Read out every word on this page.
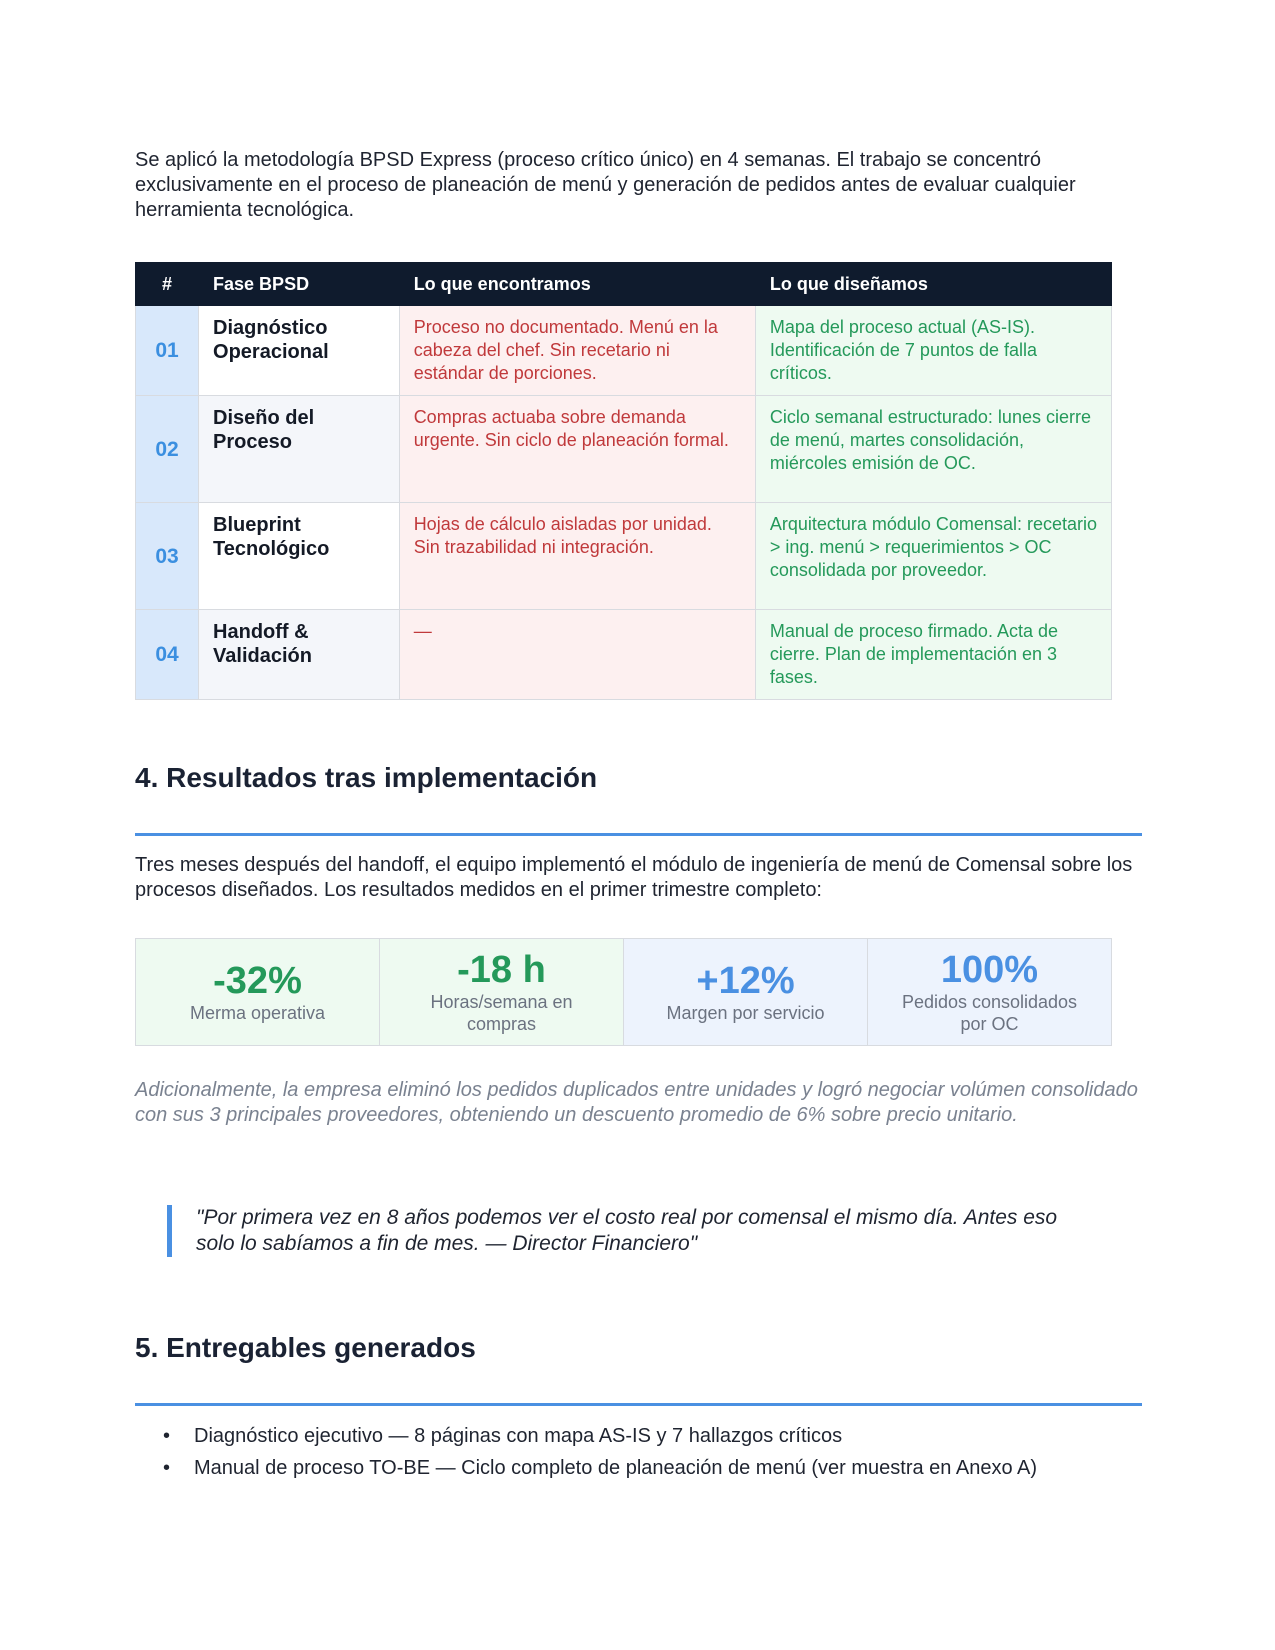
Se aplicó la metodología BPSD Express (proceso crítico único) en 4 semanas. El trabajo se concentró exclusivamente en el proceso de planeación de menú y generación de pedidos antes de evaluar cualquier herramienta tecnológica.

#	Fase BPSD	Lo que encontramos	Lo que diseñamos
01	Diagnóstico Operacional	Proceso no documentado. Menú en la cabeza del chef. Sin recetario ni estándar de porciones.	Mapa del proceso actual (AS-IS). Identificación de 7 puntos de falla críticos.
02	Diseño del Proceso	Compras actuaba sobre demanda urgente. Sin ciclo de planeación formal.	Ciclo semanal estructurado: lunes cierre de menú, martes consolidación, miércoles emisión de OC.
03	Blueprint Tecnológico	Hojas de cálculo aisladas por unidad. Sin trazabilidad ni integración.	Arquitectura módulo Comensal: recetario > ing. menú > requerimientos > OC consolidada por proveedor.
04	Handoff & Validación	—	Manual de proceso firmado. Acta de cierre. Plan de implementación en 3 fases.
4. Resultados tras implementación

Tres meses después del handoff, el equipo implementó el módulo de ingeniería de menú de Comensal sobre los procesos diseñados. Los resultados medidos en el primer trimestre completo:

-32%
Merma operativa
-18 h
Horas/semana en compras
+12%
Margen por servicio
100%
Pedidos consolidados por OC

Adicionalmente, la empresa eliminó los pedidos duplicados entre unidades y logró negociar volúmen consolidado con sus 3 principales proveedores, obteniendo un descuento promedio de 6% sobre precio unitario.

"Por primera vez en 8 años podemos ver el costo real por comensal el mismo día. Antes eso solo lo sabíamos a fin de mes. — Director Financiero"
5. Entregables generados
• Diagnóstico ejecutivo — 8 páginas con mapa AS-IS y 7 hallazgos críticos
• Manual de proceso TO-BE — Ciclo completo de planeación de menú (ver muestra en Anexo A)
